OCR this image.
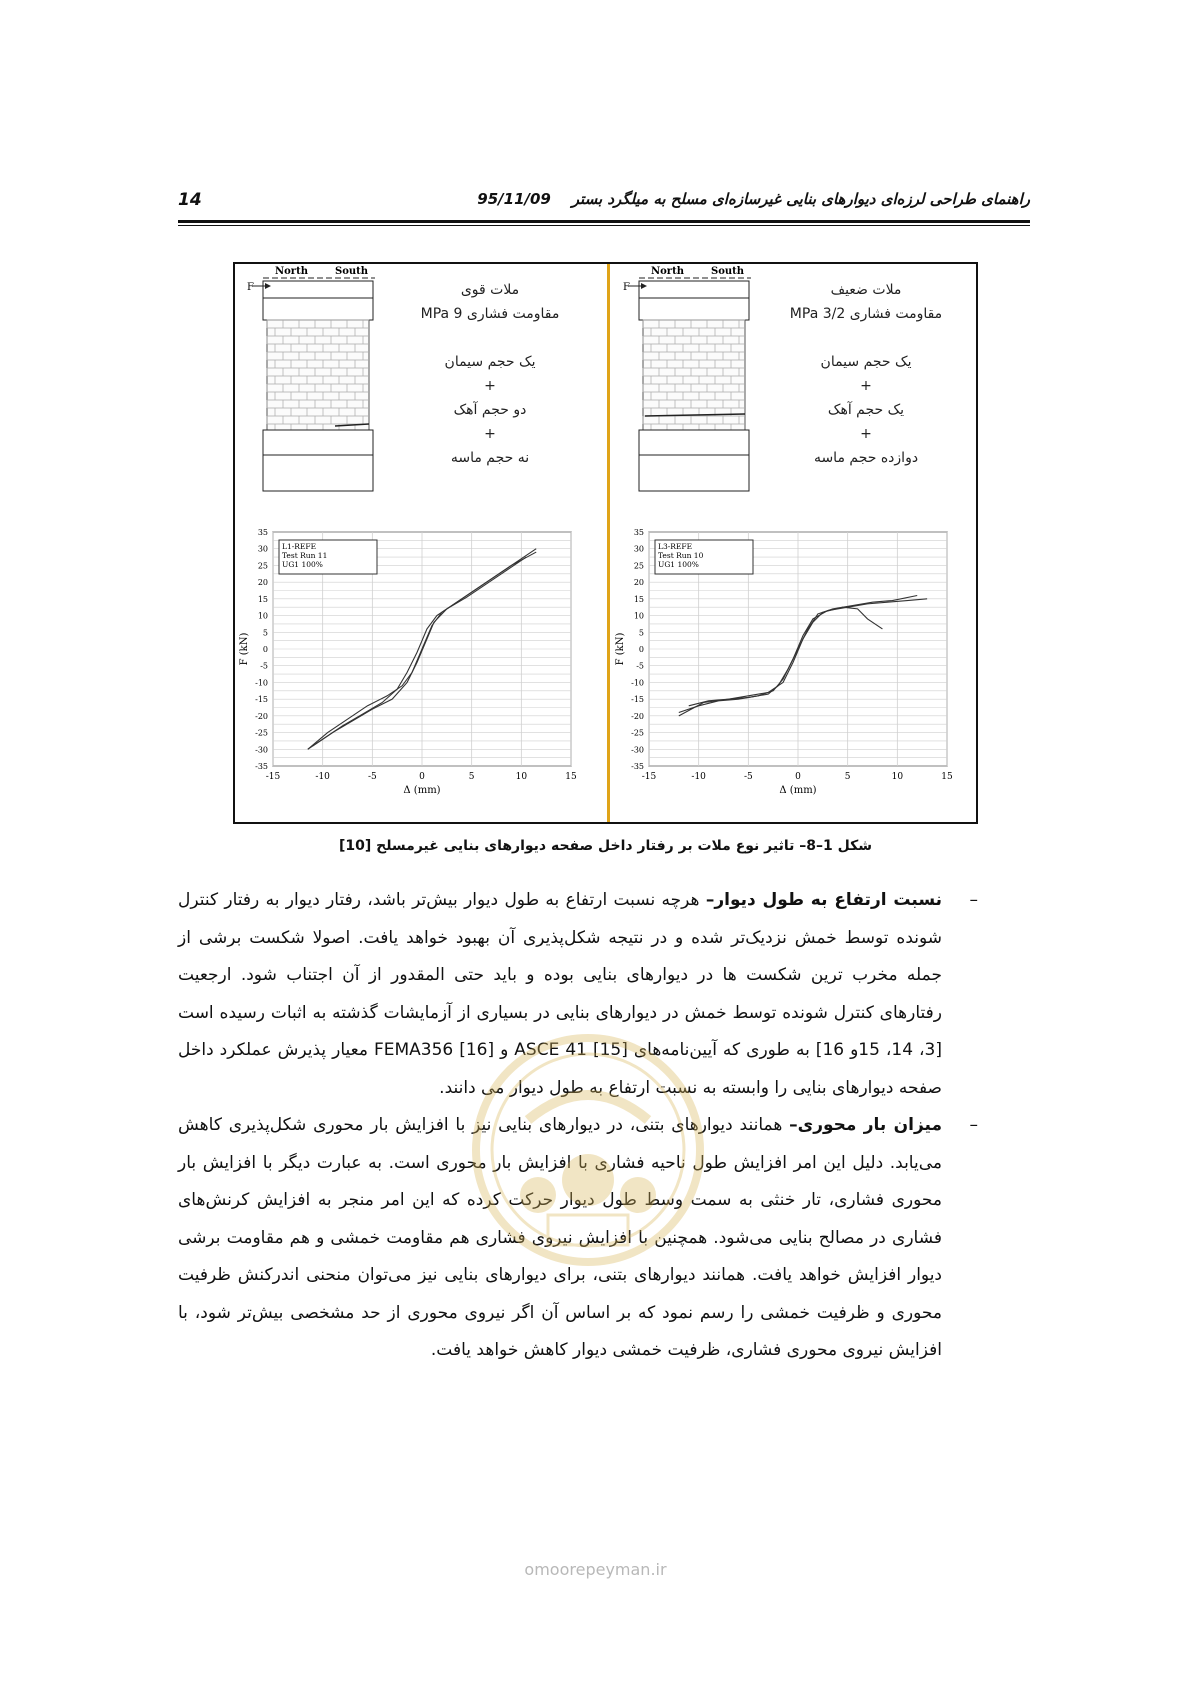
14	راهنمای طراحی لرزه‌ای دیوارهای بنایی غیرسازه‌ای مسلح به میلگرد بستر    95/11/09
North	South
F	ملات قوی
مقاومت فشاری 9 MPa

یک حجم سیمان
+
دو حجم آهک
+
نه حجم ماسه
-15	-10	-5	0	5	10	15
35
30
25
20
15
10
5
0
-5
-10
-15
-20
-25
-30
-35
Δ (mm)
F (kN)
L1-REFE
Test Run 11
UG1 100%
North	South
F	ملات ضعیف
مقاومت فشاری 3/2 MPa

یک حجم سیمان
+
یک حجم آهک
+
دوازده حجم ماسه
-15	-10	-5	0	5	10	15
35
30
25
20
15
10
5
0
-5
-10
-15
-20
-25
-30
-35
Δ (mm)
F (kN)
L3-REFE
Test Run 10
UG1 100%
شکل 1–8– تاثیر نوع ملات بر رفتار داخل صفحه دیوارهای بنایی غیرمسلح [10]

–
نسبت ارتفاع به طول دیوار– هرچه نسبت ارتفاع به طول دیوار بیش‌تر باشد، رفتار دیوار به رفتار کنترل شونده توسط خمش نزدیک‌تر شده و در نتیجه شکل‌پذیری آن بهبود خواهد یافت. اصولا شکست برشی از جمله مخرب ترین شکست ها در دیوارهای بنایی بوده و باید حتی المقدور از آن اجتناب شود. ارجعیت رفتارهای کنترل شونده توسط خمش در دیوارهای بنایی در بسیاری از آزمایشات گذشته به اثبات رسیده است [3، 14، 15و 16] به طوری که آیین‌نامه‌های ASCE 41 [15] و FEMA356 [16] معیار پذیرش عملکرد داخل صفحه دیوارهای بنایی را وابسته به نسبت ارتفاع به طول دیوار می دانند.

–
میزان بار محوری– همانند دیوارهای بتنی، در دیوارهای بنایی نیز با افزایش بار محوری شکل‌پذیری کاهش می‌یابد. دلیل این امر افزایش طول ناحیه فشاری با افزایش بار محوری است. به عبارت دیگر با افزایش بار محوری فشاری، تار خنثی به سمت وسط طول دیوار حرکت کرده که این امر منجر به افزایش کرنش‌های فشاری در مصالح بنایی می‌شود. همچنین با افزایش نیروی فشاری هم مقاومت خمشی و هم مقاومت برشی دیوار افزایش خواهد یافت. همانند دیوارهای بتنی، برای دیوارهای بنایی نیز می‌توان منحنی اندرکنش ظرفیت محوری و ظرفیت خمشی را رسم نمود که بر اساس آن اگر نیروی محوری از حد مشخصی بیش‌تر شود، با افزایش نیروی محوری فشاری، ظرفیت خمشی دیوار کاهش خواهد یافت.

omoorepeyman.ir
